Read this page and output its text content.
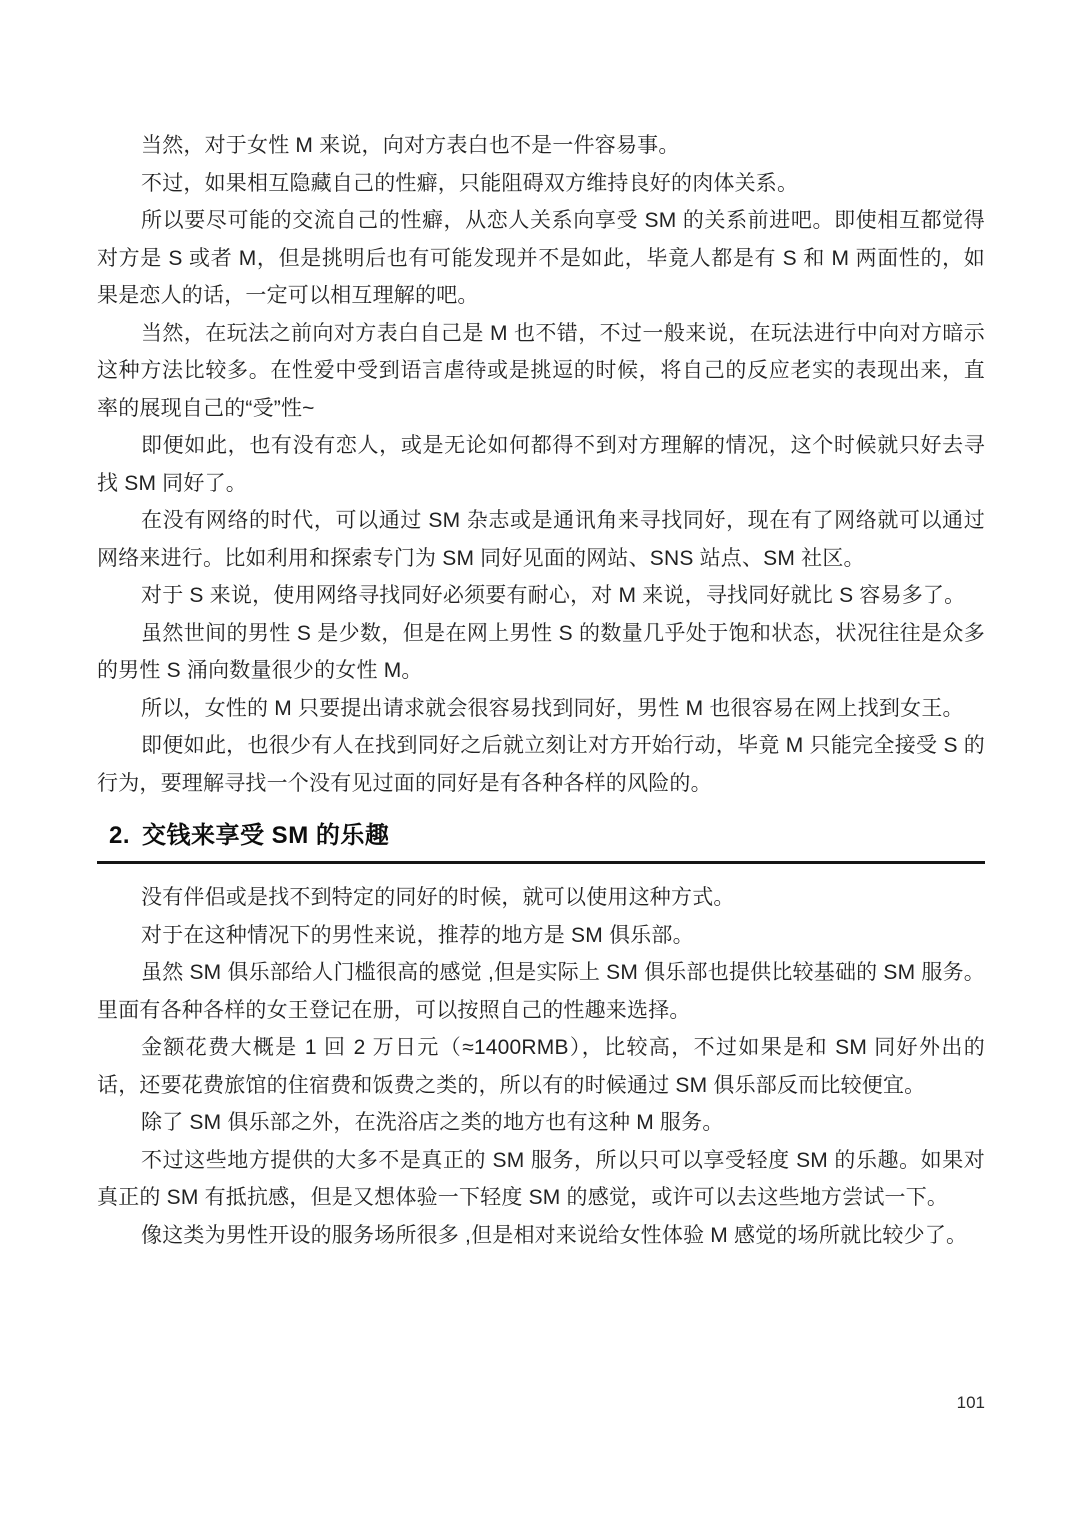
当然，对于女性 M 来说，向对方表白也不是一件容易事。

不过，如果相互隐藏自己的性癖，只能阻碍双方维持良好的肉体关系。

所以要尽可能的交流自己的性癖，从恋人关系向享受 SM 的关系前进吧。即使相互都觉得对方是 S 或者 M，但是挑明后也有可能发现并不是如此，毕竟人都是有 S 和 M 两面性的，如果是恋人的话，一定可以相互理解的吧。

当然，在玩法之前向对方表白自己是 M 也不错，不过一般来说，在玩法进行中向对方暗示这种方法比较多。在性爱中受到语言虐待或是挑逗的时候，将自己的反应老实的表现出来，直率的展现自己的“受”性~

即便如此，也有没有恋人，或是无论如何都得不到对方理解的情况，这个时候就只好去寻找 SM 同好了。

在没有网络的时代，可以通过 SM 杂志或是通讯角来寻找同好，现在有了网络就可以通过网络来进行。比如利用和探索专门为 SM 同好见面的网站、SNS 站点、SM 社区。

对于 S 来说，使用网络寻找同好必须要有耐心，对 M 来说，寻找同好就比 S 容易多了。

虽然世间的男性 S 是少数，但是在网上男性 S 的数量几乎处于饱和状态，状况往往是众多的男性 S 涌向数量很少的女性 M。

所以，女性的 M 只要提出请求就会很容易找到同好，男性 M 也很容易在网上找到女王。

即便如此，也很少有人在找到同好之后就立刻让对方开始行动，毕竟 M 只能完全接受 S 的行为，要理解寻找一个没有见过面的同好是有各种各样的风险的。

2. 交钱来享受 SM 的乐趣

没有伴侣或是找不到特定的同好的时候，就可以使用这种方式。

对于在这种情况下的男性来说，推荐的地方是 SM 俱乐部。

虽然 SM 俱乐部给人门槛很高的感觉 ,但是实际上 SM 俱乐部也提供比较基础的 SM 服务。里面有各种各样的女王登记在册，可以按照自己的性趣来选择。

金额花费大概是 1 回 2 万日元（≈1400RMB），比较高，不过如果是和 SM 同好外出的话，还要花费旅馆的住宿费和饭费之类的，所以有的时候通过 SM 俱乐部反而比较便宜。

除了 SM 俱乐部之外，在洗浴店之类的地方也有这种 M 服务。

不过这些地方提供的大多不是真正的 SM 服务，所以只可以享受轻度 SM 的乐趣。如果对真正的 SM 有抵抗感，但是又想体验一下轻度 SM 的感觉，或许可以去这些地方尝试一下。

像这类为男性开设的服务场所很多 ,但是相对来说给女性体验 M 感觉的场所就比较少了。

101
